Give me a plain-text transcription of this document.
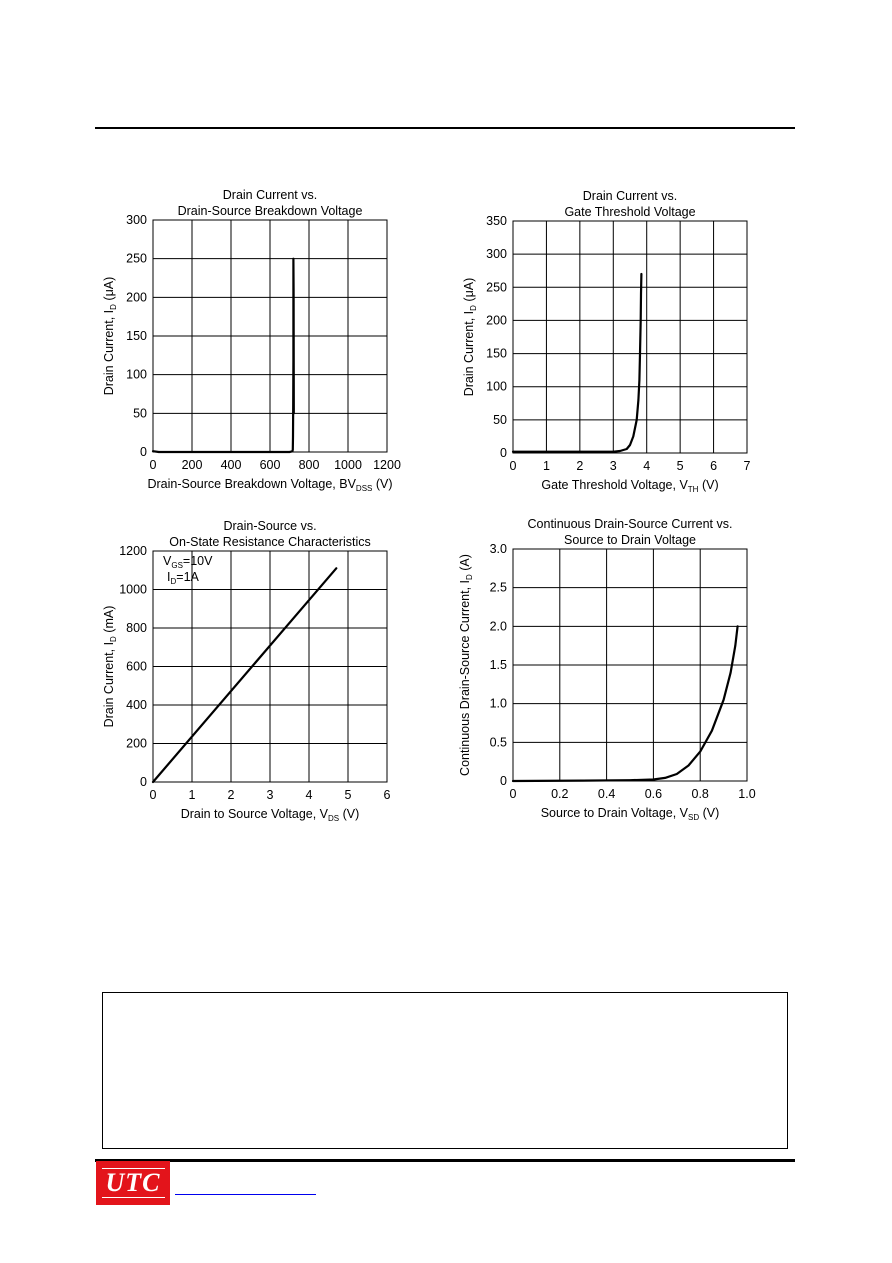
Drain Current vs.
Drain-Source Breakdown Voltage
0 200 400 600 800 1000 1200
0
50
100
150
200
250
300
Drain-Source Breakdown Voltage, BVDSS (V)
Drain Current, ID (μA)
Drain Current vs.
Gate Threshold Voltage
0 1 2 3 4 5 6 7
0
50
100
150
200
250
300
350
Gate Threshold Voltage, VTH (V)
Drain Current, ID (μA)
Drain-Source vs.
On-State Resistance Characteristics
0	1	2	3	4	5	6
0
200
400
600
800
1000
1200
Drain to Source Voltage, VDS (V)
Drain Current, ID (mA)
VGS=10V
ID=1A
Continuous Drain-Source Current vs.
Source to Drain Voltage
0	0.2 0.4 0.6 0.8 1.0
0
0.5
1.0
1.5
2.0
2.5
3.0
Source to Drain Voltage, VSD (V)
Continuous Drain-Source Current, ID (A)
UTC
